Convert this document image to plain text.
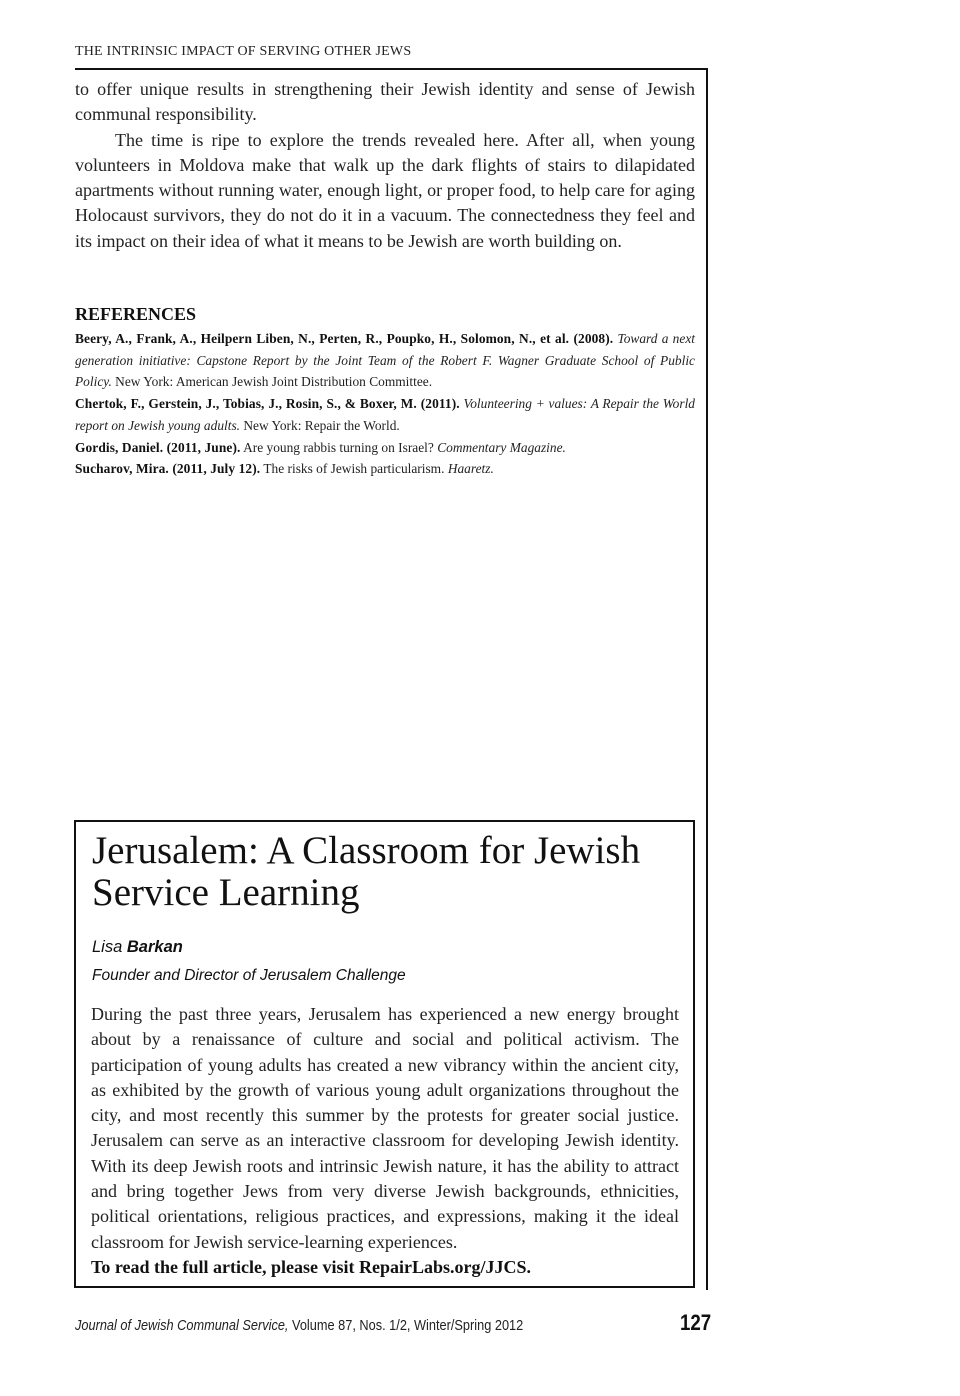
THE INTRINSIC IMPACT OF SERVING OTHER JEWS

to offer unique results in strengthening their Jewish identity and sense of Jewish communal responsibility.

The time is ripe to explore the trends revealed here. After all, when young volunteers in Moldova make that walk up the dark flights of stairs to dilapidated apartments without running water, enough light, or proper food, to help care for aging Holocaust survivors, they do not do it in a vacuum. The connectedness they feel and its impact on their idea of what it means to be Jewish are worth building on.

REFERENCES

Beery, A., Frank, A., Heilpern Liben, N., Perten, R., Poupko, H., Solomon, N., et al. (2008). Toward a next generation initiative: Capstone Report by the Joint Team of the Robert F. Wagner Graduate School of Public Policy. New York: American Jewish Joint Distribution Committee.

Chertok, F., Gerstein, J., Tobias, J., Rosin, S., & Boxer, M. (2011). Volunteering + values: A Repair the World report on Jewish young adults. New York: Repair the World.

Gordis, Daniel. (2011, June). Are young rabbis turning on Israel? Commentary Magazine.

Sucharov, Mira. (2011, July 12). The risks of Jewish particularism. Haaretz.

Jerusalem: A Classroom for Jewish Service Learning
Lisa Barkan
Founder and Director of Jerusalem Challenge

During the past three years, Jerusalem has experienced a new energy brought about by a renaissance of culture and social and political activism. The participation of young adults has created a new vibrancy within the ancient city, as exhibited by the growth of various young adult organizations throughout the city, and most recently this summer by the protests for greater social justice. Jerusalem can serve as an interactive classroom for developing Jewish identity. With its deep Jewish roots and intrinsic Jewish nature, it has the ability to attract and bring together Jews from very diverse Jewish backgrounds, ethnicities, political orientations, religious practices, and expressions, making it the ideal classroom for Jewish service-learning experiences.

To read the full article, please visit RepairLabs.org/JJCS.

Journal of Jewish Communal Service, Volume 87, Nos. 1/2, Winter/Spring 2012	127
